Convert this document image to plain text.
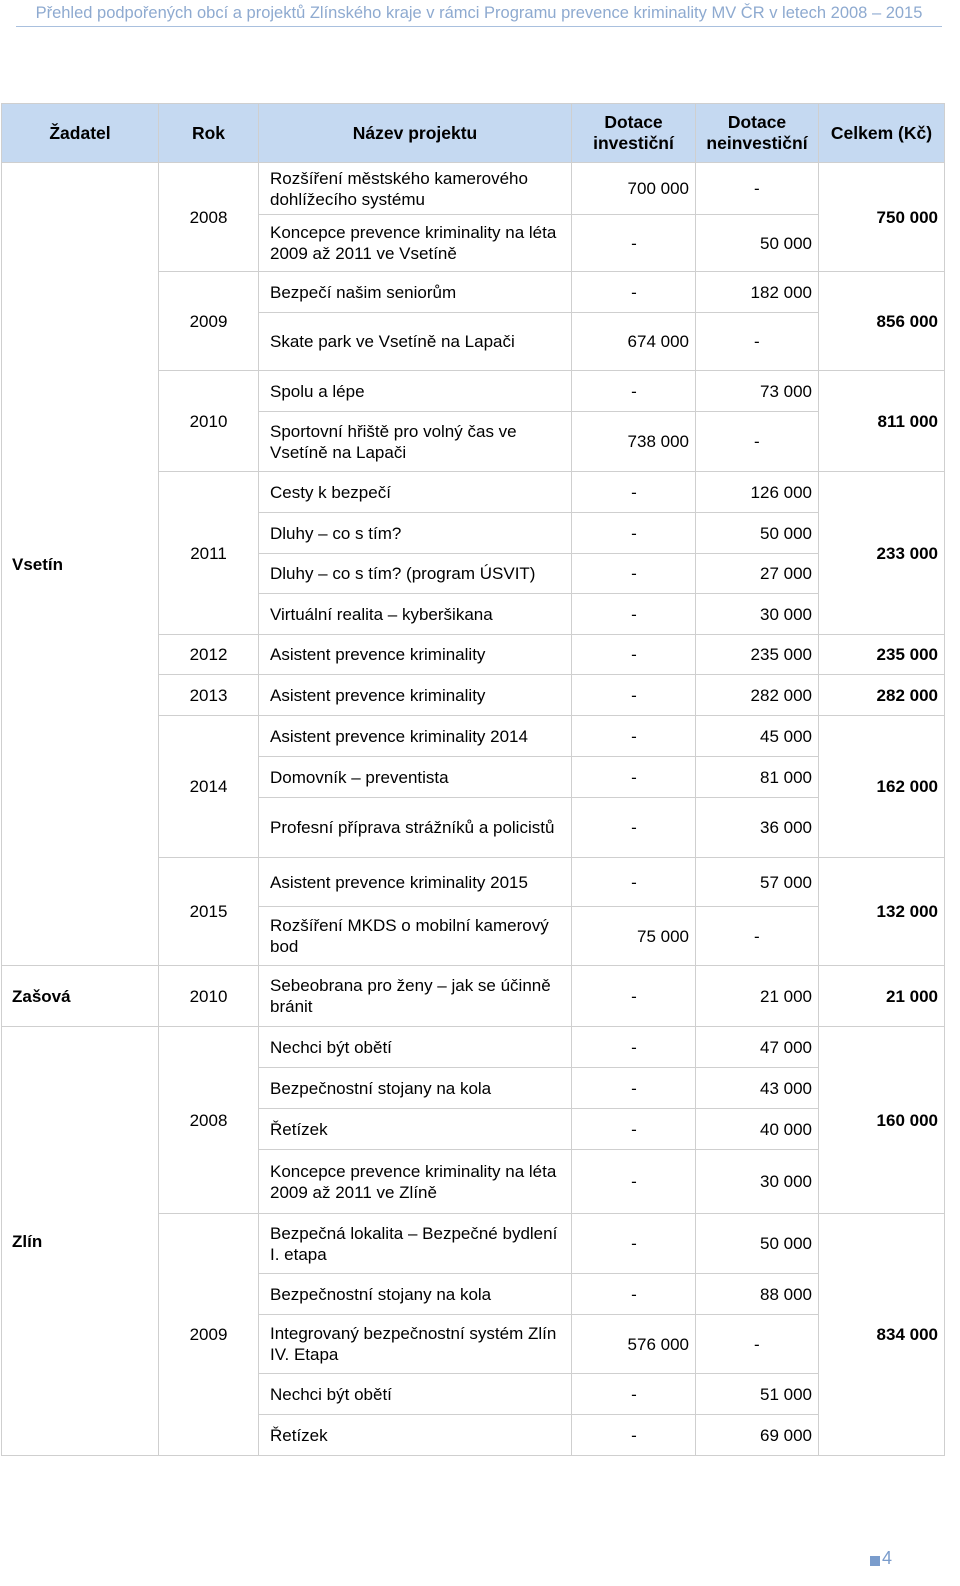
Přehled podpořených obcí a projektů Zlínského kraje v rámci Programu prevence kriminality MV ČR v letech 2008 – 2015
Žadatel	Rok	Název projektu	Dotace investiční	Dotace neinvestiční	Celkem (Kč)
Vsetín	2008	Rozšíření městského kamerového dohlížecího systému	700 000	-	750 000
		Koncepce prevence kriminality na léta 2009 až 2011 ve Vsetíně	-	50 000	
	2009	Bezpečí našim seniorům	-	182 000	856 000
		Skate park ve Vsetíně na Lapači	674 000	-	
	2010	Spolu a lépe	-	73 000	811 000
		Sportovní hřiště pro volný čas ve Vsetíně na Lapači	738 000	-	
	2011	Cesty k bezpečí	-	126 000	233 000
		Dluhy – co s tím?	-	50 000	
		Dluhy – co s tím? (program ÚSVIT)	-	27 000	
		Virtuální realita – kyberšikana	-	30 000	
	2012	Asistent prevence kriminality	-	235 000	235 000
	2013	Asistent prevence kriminality	-	282 000	282 000
	2014	Asistent prevence kriminality 2014	-	45 000	162 000
		Domovník – preventista	-	81 000	
		Profesní příprava strážníků a policistů	-	36 000	
	2015	Asistent prevence kriminality 2015	-	57 000	132 000
		Rozšíření MKDS o mobilní kamerový bod	75 000	-	
Zašová	2010	Sebeobrana pro ženy – jak se účinně bránit	-	21 000	21 000
Zlín	2008	Nechci být obětí	-	47 000	160 000
		Bezpečnostní stojany na kola	-	43 000	
		Řetízek	-	40 000	
		Koncepce prevence kriminality na léta 2009 až 2011 ve Zlíně	-	30 000	
	2009	Bezpečná lokalita – Bezpečné bydlení I. etapa	-	50 000	834 000
		Bezpečnostní stojany na kola	-	88 000	
		Integrovaný bezpečnostní systém Zlín IV. Etapa	576 000	-	
		Nechci být obětí	-	51 000	
		Řetízek	-	69 000	
4
